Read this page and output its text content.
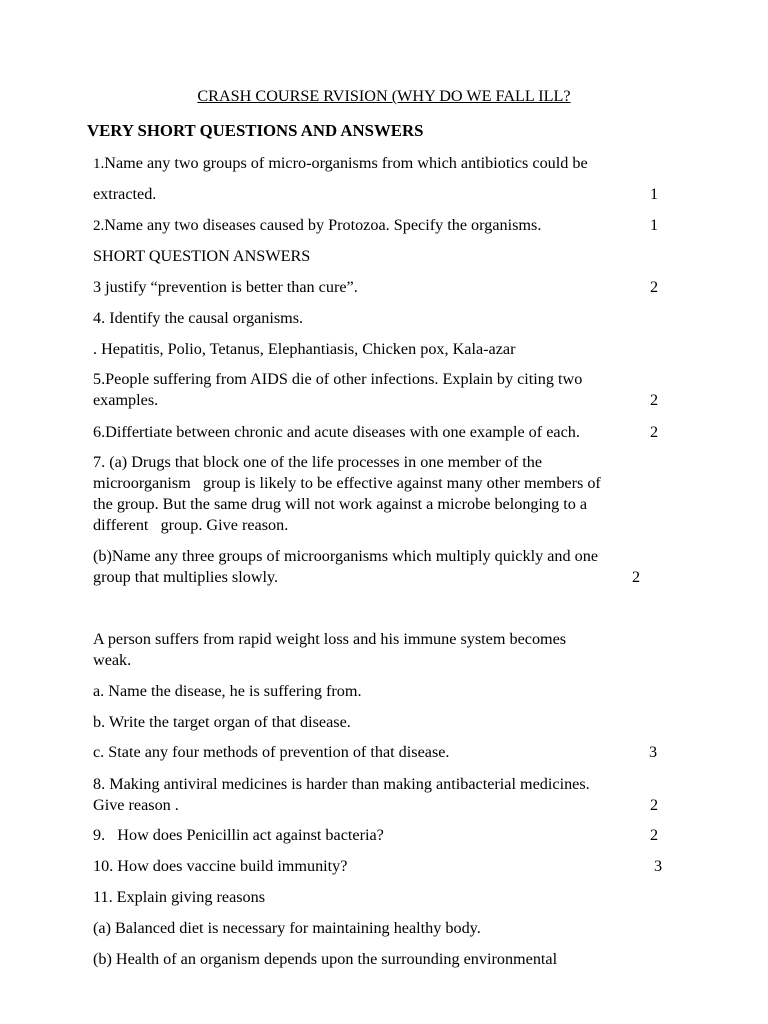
CRASH COURSE RVISION (WHY DO WE FALL ILL?
VERY SHORT QUESTIONS AND ANSWERS
1.Name any two groups of micro-organisms from which antibiotics could be
extracted.	1
2.Name any two diseases caused by Protozoa. Specify the organisms.	1
SHORT QUESTION ANSWERS
3 justify “prevention is better than cure”.	2
4. Identify the causal organisms.
. Hepatitis, Polio, Tetanus, Elephantiasis, Chicken pox, Kala-azar
5.People suffering from AIDS die of other infections. Explain by citing two
examples.	2
6.Differtiate between chronic and acute diseases with one example of each.	2
7. (a) Drugs that block one of the life processes in one member of the
microorganism   group is likely to be effective against many other members of
the group. But the same drug will not work against a microbe belonging to a
different   group. Give reason.
(b)Name any three groups of microorganisms which multiply quickly and one
group that multiplies slowly.	2
A person suffers from rapid weight loss and his immune system becomes
weak.
a. Name the disease, he is suffering from.
b. Write the target organ of that disease.
c. State any four methods of prevention of that disease.	3
8. Making antiviral medicines is harder than making antibacterial medicines.
Give reason .	2
9.   How does Penicillin act against bacteria?	2
10. How does vaccine build immunity?	3
11. Explain giving reasons
(a) Balanced diet is necessary for maintaining healthy body.
(b) Health of an organism depends upon the surrounding environmental
